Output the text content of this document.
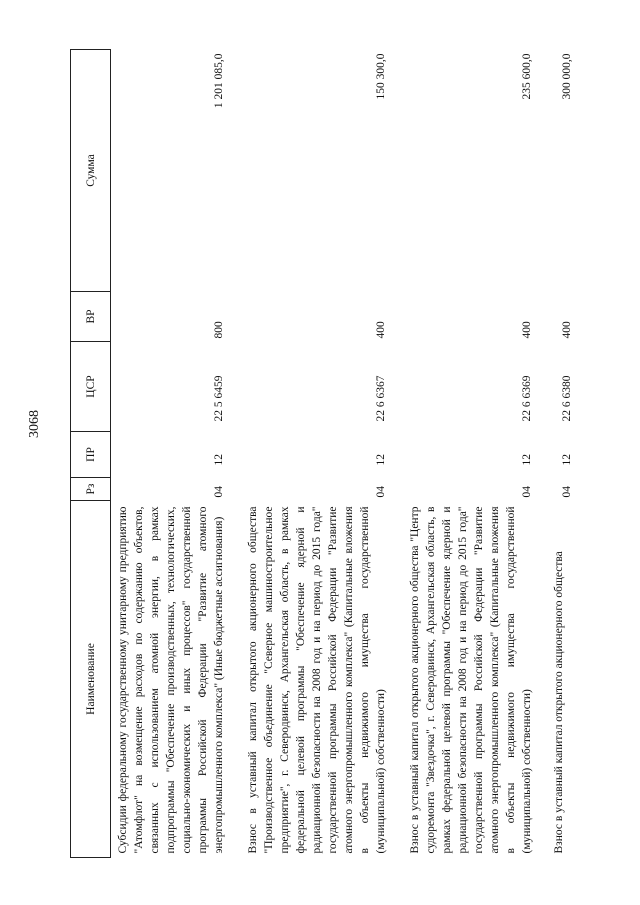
3068
Наименование	Рз	ПР	ЦСР	ВР	Сумма
Субсидии федеральному государственному унитарному предприятию "Атомфлот" на возмещение расходов по содержанию объектов, связанных с использованием атомной энергии, в рамках подпрограммы "Обеспечение производственных, технологических, социально-экономических и иных процессов" государственной программы Российской Федерации "Развитие атомного энергопромышленного комплекса" (Иные бюджетные ассигнования)	04	12	22 5 6459	800	1 201 085,0
Взнос в уставный капитал открытого акционерного общества "Производственное объединение "Северное машиностроительное предприятие", г. Северодвинск, Архангельская область, в рамках федеральной целевой программы "Обеспечение ядерной и радиационной безопасности на 2008 год и на период до 2015 года" государственной программы Российской Федерации "Развитие атомного энергопромышленного комплекса" (Капитальные вложения в объекты недвижимого имущества государственной (муниципальной) собственности)	04	12	22 6 6367	400	150 300,0
Взнос в уставный капитал открытого акционерного общества "Центр судоремонта "Звездочка", г. Северодвинск, Архангельская область, в рамках федеральной целевой программы "Обеспечение ядерной и радиационной безопасности на 2008 год и на период до 2015 года" государственной программы Российской Федерации "Развитие атомного энергопромышленного комплекса" (Капитальные вложения в объекты недвижимого имущества государственной (муниципальной) собственности)	04	12	22 6 6369	400	235 600,0
Взнос в уставный капитал открытого акционерного общества	04	12	22 6 6380	400	300 000,0
